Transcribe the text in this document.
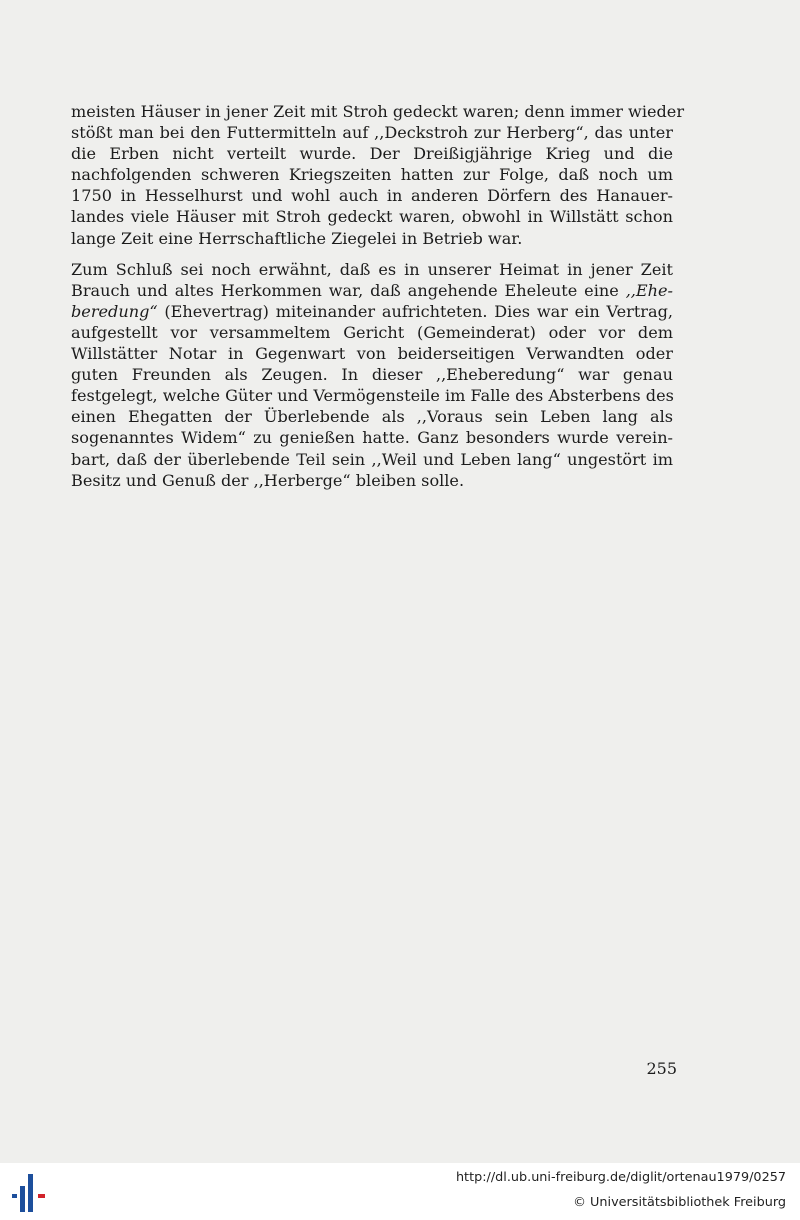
meisten Häuser in jener Zeit mit Stroh gedeckt waren; denn immer wieder
stößt man bei den Futtermitteln auf ,,Deckstroh zur Herberg“, das unter
die Erben nicht verteilt wurde. Der Dreißigjährige Krieg und die
nachfolgenden schweren Kriegszeiten hatten zur Folge, daß noch um
1750 in Hesselhurst und wohl auch in anderen Dörfern des Hanauer-
landes viele Häuser mit Stroh gedeckt waren, obwohl in Willstätt schon
lange Zeit eine Herrschaftliche Ziegelei in Betrieb war.
Zum Schluß sei noch erwähnt, daß es in unserer Heimat in jener Zeit
Brauch und altes Herkommen war, daß angehende Eheleute eine ,,Ehe-
beredung“ (Ehevertrag) miteinander aufrichteten. Dies war ein Vertrag,
aufgestellt vor versammeltem Gericht (Gemeinderat) oder vor dem
Willstätter Notar in Gegenwart von beiderseitigen Verwandten oder
guten Freunden als Zeugen. In dieser ,,Eheberedung“ war genau
festgelegt, welche Güter und Vermögensteile im Falle des Absterbens des
einen Ehegatten der Überlebende als ,,Voraus sein Leben lang als
sogenanntes Widem“ zu genießen hatte. Ganz besonders wurde verein-
bart, daß der überlebende Teil sein ,,Weil und Leben lang“ ungestört im
Besitz und Genuß der ,,Herberge“ bleiben solle.
255
http://dl.ub.uni-freiburg.de/diglit/ortenau1979/0257
© Universitätsbibliothek Freiburg
